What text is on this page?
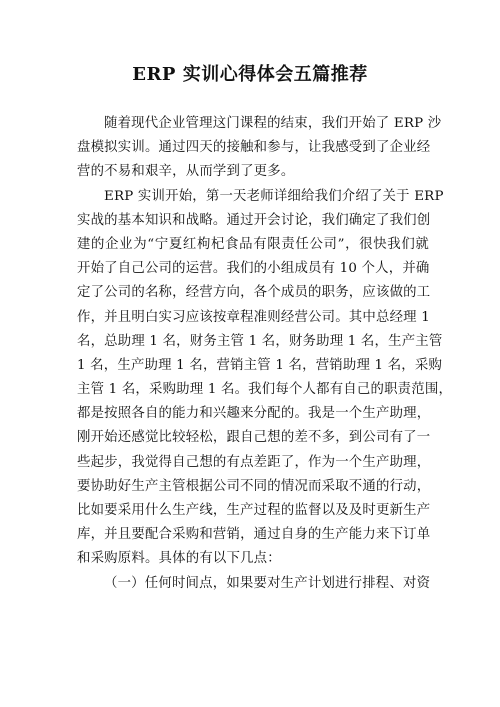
ERP 实训心得体会五篇推荐
随着现代企业管理这门课程的结束，我们开始了 ERP 沙
盘模拟实训。通过四天的接触和参与，让我感受到了企业经
营的不易和艰辛，从而学到了更多。
ERP 实训开始，第一天老师详细给我们介绍了关于 ERP
实战的基本知识和战略。通过开会讨论，我们确定了我们创
建的企业为“宁夏红枸杞食品有限责任公司”，很快我们就
开始了自己公司的运营。我们的小组成员有 10 个人，并确
定了公司的名称，经营方向，各个成员的职务，应该做的工
作，并且明白实习应该按章程准则经营公司。其中总经理 1
名，总助理 1 名，财务主管 1 名，财务助理 1 名，生产主管
1 名，生产助理 1 名，营销主管 1 名，营销助理 1 名，采购
主管 1 名，采购助理 1 名。我们每个人都有自己的职责范围，
都是按照各自的能力和兴趣来分配的。我是一个生产助理，
刚开始还感觉比较轻松，跟自己想的差不多，到公司有了一
些起步，我觉得自己想的有点差距了，作为一个生产助理，
要协助好生产主管根据公司不同的情况而采取不通的行动，
比如要采用什么生产线，生产过程的监督以及及时更新生产
库，并且要配合采购和营销，通过自身的生产能力来下订单
和采购原料。具体的有以下几点：
（一）任何时间点，如果要对生产计划进行排程、对资
